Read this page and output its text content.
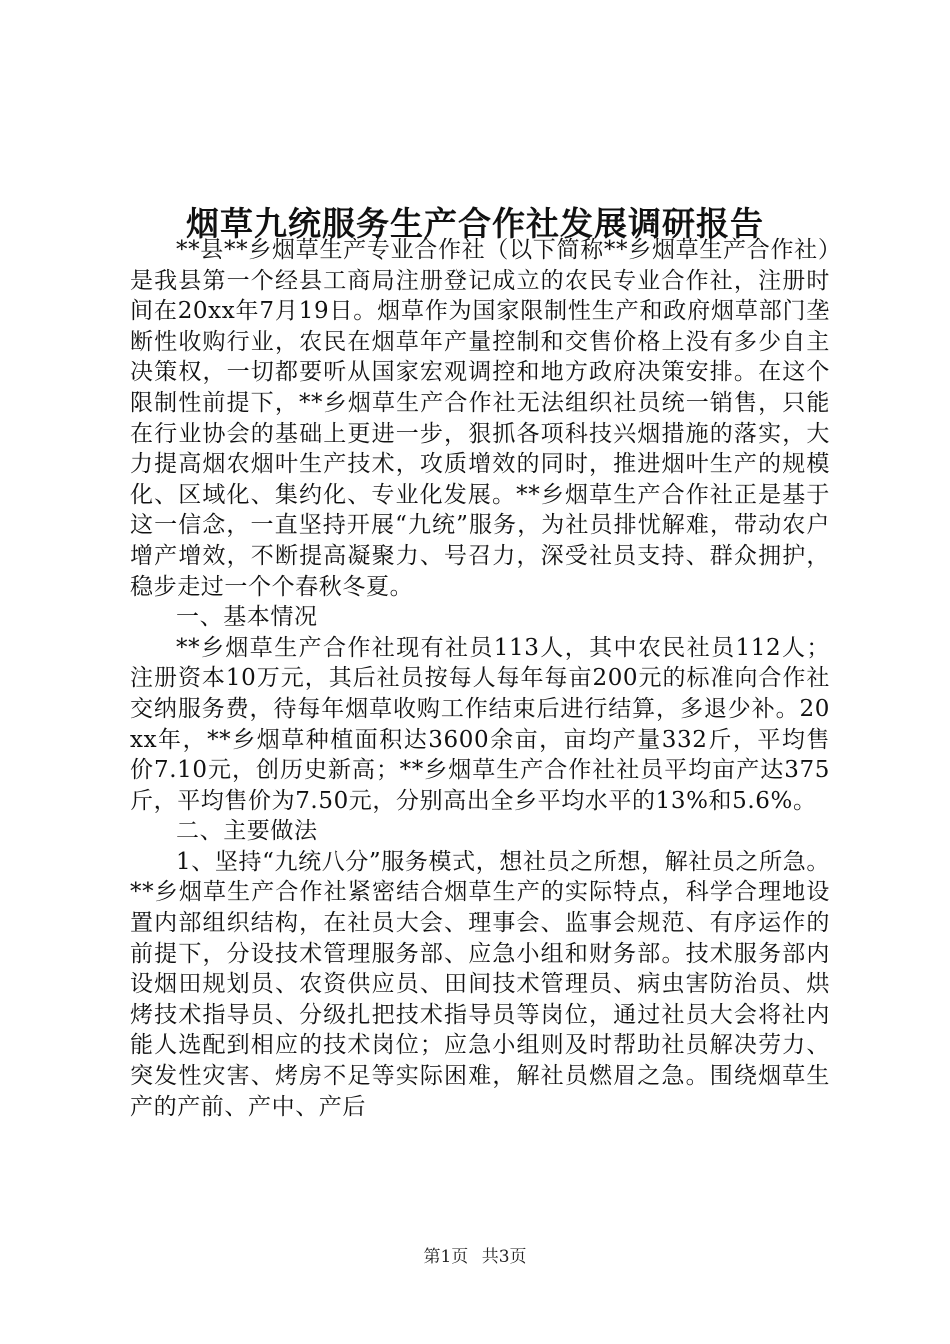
烟草九统服务生产合作社发展调研报告

**县**乡烟草生产专业合作社（以下简称**乡烟草生产合作社）是我县第一个经县工商局注册登记成立的农民专业合作社，注册时间在20xx年7月19日。烟草作为国家限制性生产和政府烟草部门垄断性收购行业，农民在烟草年产量控制和交售价格上没有多少自主决策权，一切都要听从国家宏观调控和地方政府决策安排。在这个限制性前提下，**乡烟草生产合作社无法组织社员统一销售，只能在行业协会的基础上更进一步，狠抓各项科技兴烟措施的落实，大力提高烟农烟叶生产技术，攻质增效的同时，推进烟叶生产的规模化、区域化、集约化、专业化发展。**乡烟草生产合作社正是基于这一信念，一直坚持开展“九统”服务，为社员排忧解难，带动农户增产增效，不断提高凝聚力、号召力，深受社员支持、群众拥护，稳步走过一个个春秋冬夏。

一、基本情况

**乡烟草生产合作社现有社员113人，其中农民社员112人；注册资本10万元，其后社员按每人每年每亩200元的标准向合作社交纳服务费，待每年烟草收购工作结束后进行结算，多退少补。20xx年，**乡烟草种植面积达3600余亩，亩均产量332斤，平均售价7.10元，创历史新高；**乡烟草生产合作社社员平均亩产达375斤，平均售价为7.50元，分别高出全乡平均水平的13%和5.6%。

二、主要做法

1、坚持“九统八分”服务模式，想社员之所想，解社员之所急。**乡烟草生产合作社紧密结合烟草生产的实际特点，科学合理地设置内部组织结构，在社员大会、理事会、监事会规范、有序运作的前提下，分设技术管理服务部、应急小组和财务部。技术服务部内设烟田规划员、农资供应员、田间技术管理员、病虫害防治员、烘烤技术指导员、分级扎把技术指导员等岗位，通过社员大会将社内能人选配到相应的技术岗位；应急小组则及时帮助社员解决劳力、突发性灾害、烤房不足等实际困难，解社员燃眉之急。围绕烟草生产的产前、产中、产后

第1页 共3页
